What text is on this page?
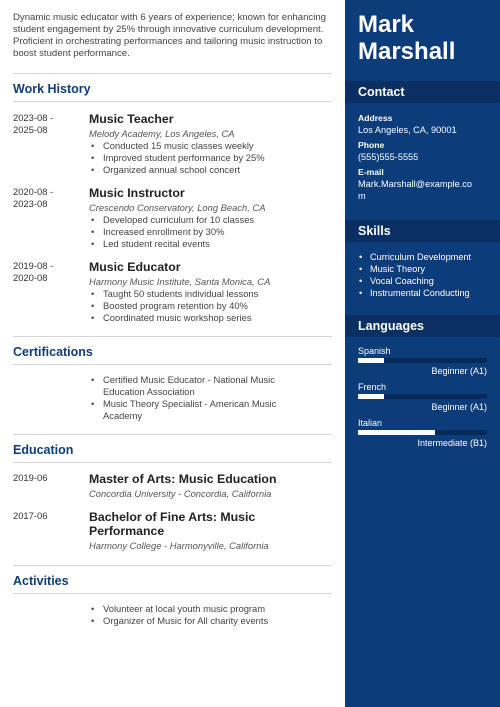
Dynamic music educator with 6 years of experience; known for enhancing student engagement by 25% through innovative curriculum development. Proficient in orchestrating performances and tailoring music instruction to boost student performance.

Work History
2023-08 -
2025-08
Music Teacher
Melody Academy, Los Angeles, CA
• Conducted 15 music classes weekly
• Improved student performance by 25%
• Organized annual school concert
2020-08 -
2023-08
Music Instructor
Crescendo Conservatory, Long Beach, CA
• Developed curriculum for 10 classes
• Increased enrollment by 30%
• Led student recital events
2019-08 -
2020-08
Music Educator
Harmony Music Institute, Santa Monica, CA
• Taught 50 students individual lessons
• Boosted program retention by 40%
• Coordinated music workshop series
Certifications
• Certified Music Educator - National Music Education Association
• Music Theory Specialist - American Music Academy
Education
2019-06	Master of Arts: Music Education
Concordia University - Concordia, California
2017-06	Bachelor of Fine Arts: Music Performance
Harmony College - Harmonyville, California
Activities
• Volunteer at local youth music program
• Organizer of Music for All charity events
Mark
Marshall
Contact
Address
Los Angeles, CA, 90001
Phone
(555)555-5555
E-mail
Mark.Marshall@example.co
m
Skills
• Curriculum Development
• Music Theory
• Vocal Coaching
• Instrumental Conducting
Languages
Spanish
Beginner (A1)
French
Beginner (A1)
Italian
Intermediate (B1)
